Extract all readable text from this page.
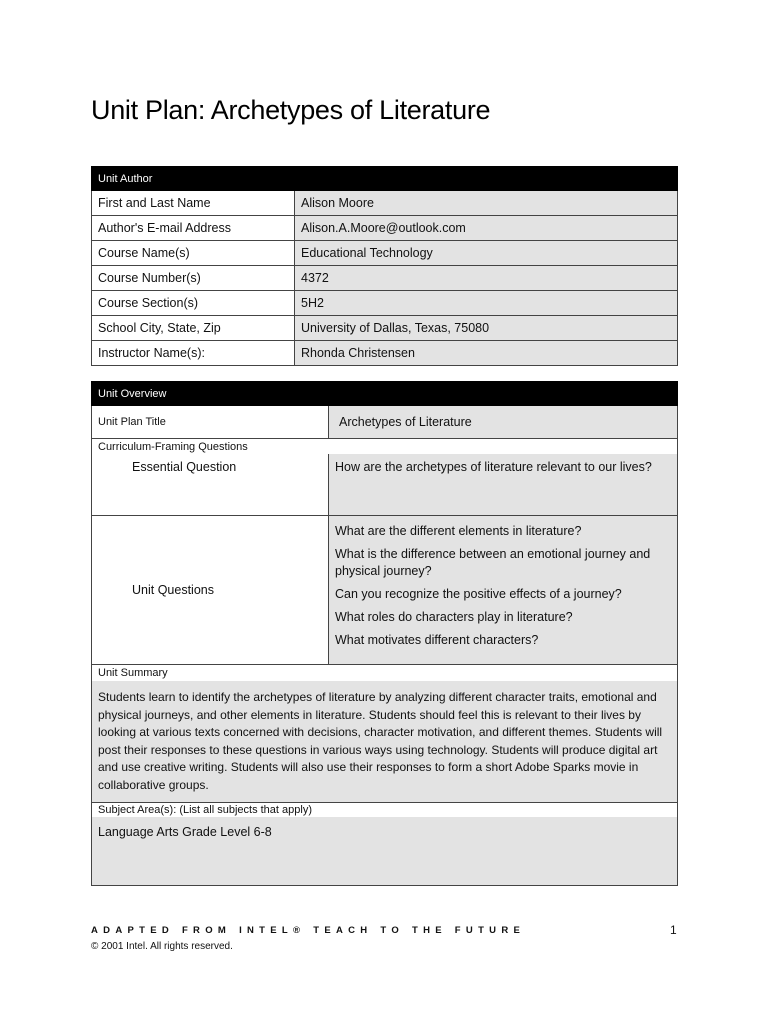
Unit Plan: Archetypes of Literature
Unit Author	
First and Last Name	Alison Moore
Author's E-mail Address	Alison.A.Moore@outlook.com
Course Name(s)	Educational Technology
Course Number(s)	4372
Course Section(s)	5H2
School City, State, Zip	University of Dallas, Texas, 75080
Instructor Name(s):	Rhonda Christensen
Unit Overview	
Unit Plan Title	Archetypes of Literature
Curriculum-Framing Questions	
Essential Question	How are the archetypes of literature relevant to our lives?
Unit Questions	What are the different elements in literature?

What is the difference between an emotional journey and physical journey?

Can you recognize the positive effects of a journey?

What roles do characters play in literature?

What motivates different characters?

Unit Summary	
Students learn to identify the archetypes of literature by analyzing different character traits, emotional and physical journeys, and other elements in literature. Students should feel this is relevant to their lives by looking at various texts concerned with decisions, character motivation, and different themes. Students will post their responses to these questions in various ways using technology. Students will produce digital art and use creative writing. Students will also use their responses to form a short Adobe Sparks movie in collaborative groups.	
Subject Area(s): (List all subjects that apply)	
Language Arts Grade Level 6-8	
ADAPTED FROM INTEL® TEACH TO THE FUTURE
© 2001 Intel. All rights reserved.
1
